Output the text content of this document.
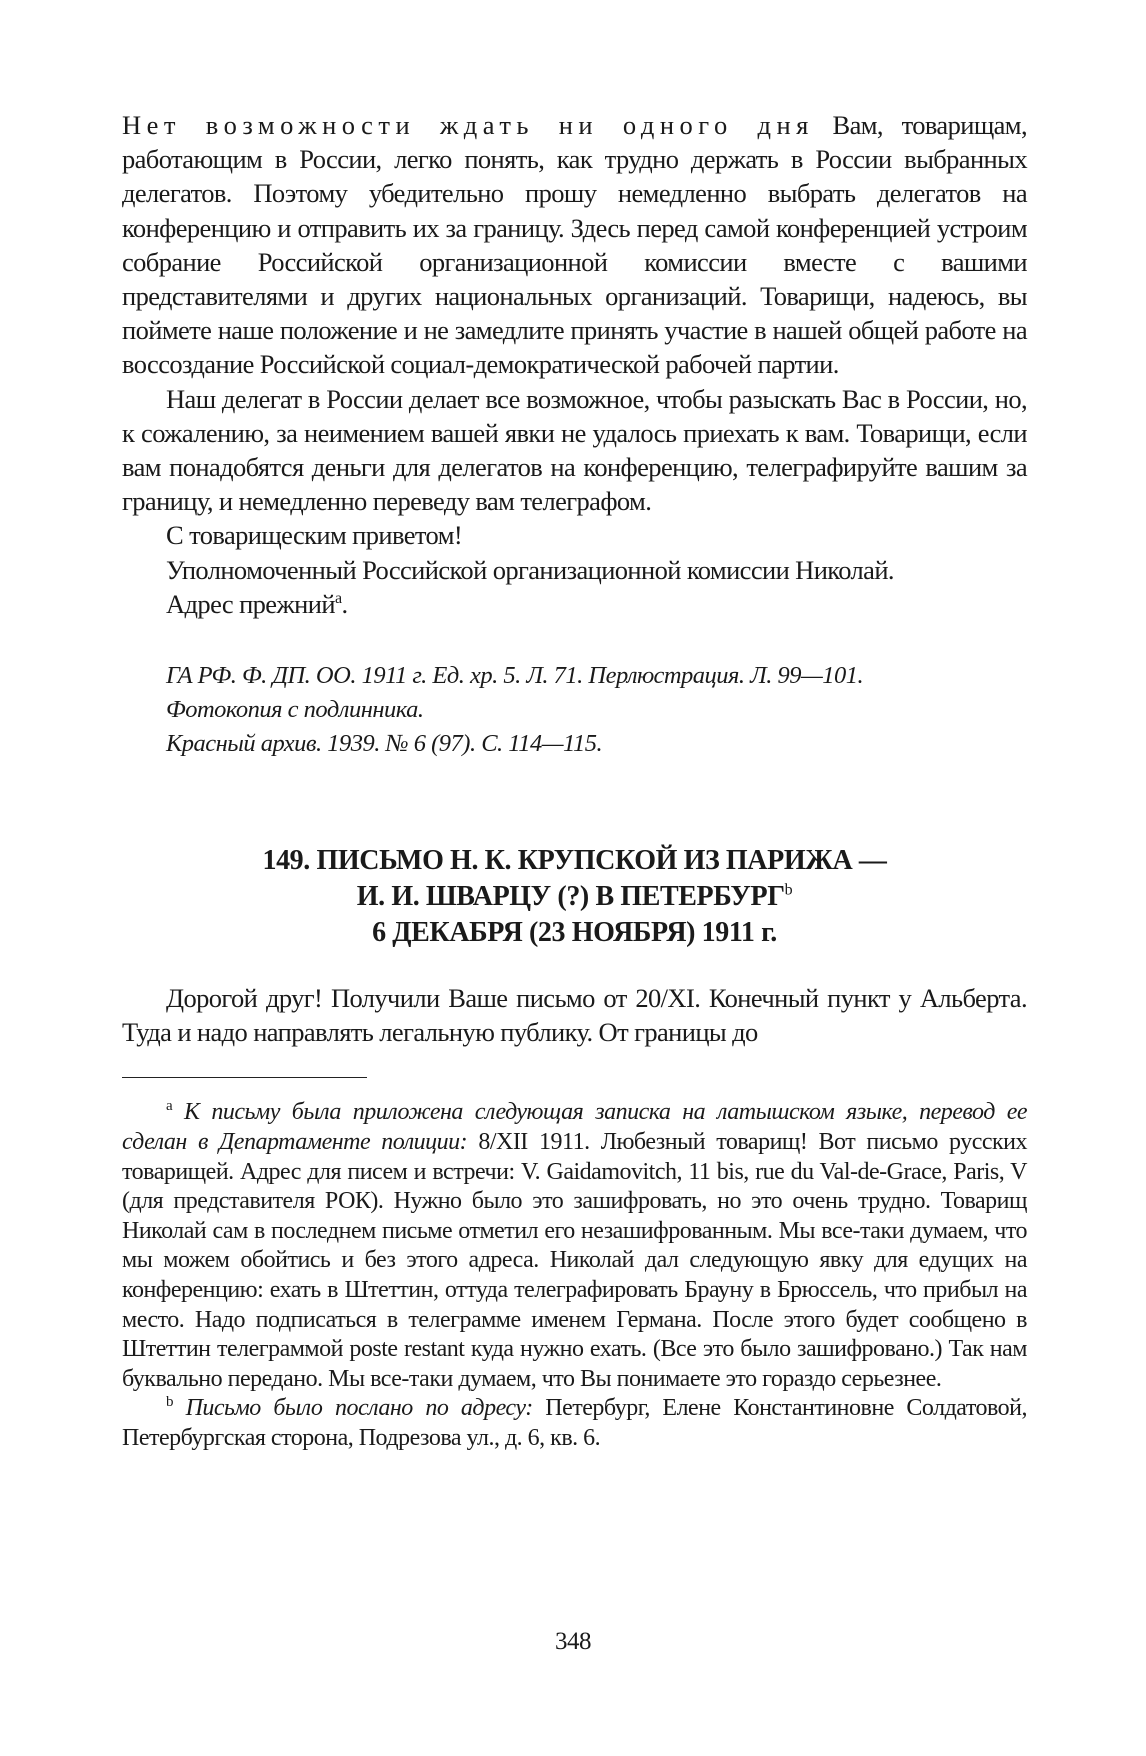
Нет возможности ждать ни одного дня Вам, товарищам, работающим в России, легко понять, как трудно держать в России выбранных делегатов. Поэтому убедительно прошу немедленно выбрать делегатов на конференцию и отправить их за границу. Здесь перед самой конференцией устроим собрание Российской организационной комиссии вместе с вашими представителями и других национальных организаций. Товарищи, надеюсь, вы поймете наше положение и не замедлите принять участие в нашей общей работе на воссоздание Российской социал-демократической рабочей партии.

Наш делегат в России делает все возможное, чтобы разыскать Вас в России, но, к сожалению, за неимением вашей явки не удалось приехать к вам. Товарищи, если вам понадобятся деньги для делегатов на конференцию, телеграфируйте вашим за границу, и немедленно переведу вам телеграфом.

С товарищеским приветом!

Уполномоченный Российской организационной комиссии Николай.

Адрес прежний$^a$.

ГА РФ. Ф. ДП. ОО. 1911 г. Ед. хр. 5. Л. 71. Перлюстрация. Л. 99—101.
Фотокопия с подлинника.
Красный архив. 1939. № 6 (97). С. 114—115.
149. ПИСЬМО Н. К. КРУПСКОЙ ИЗ ПАРИЖА —
И. И. ШВАРЦУ (?) В ПЕТЕРБУРГ$^b$
6 ДЕКАБРЯ (23 НОЯБРЯ) 1911 г.

Дорогой друг! Получили Ваше письмо от 20/XI. Конечный пункт у Альберта. Туда и надо направлять легальную публику. От границы до

$^a$ К письму была приложена следующая записка на латышском языке, перевод ее сделан в Департаменте полиции: 8/XII 1911. Любезный товарищ! Вот письмо русских товарищей. Адрес для писем и встречи: V. Gaidamovitch, 11 bis, rue du Val-de-Grace, Paris, V (для представителя РОК). Нужно было это зашифровать, но это очень трудно. Товарищ Николай сам в последнем письме отметил его незашифрованным. Мы все-таки думаем, что мы можем обойтись и без этого адреса. Николай дал следующую явку для едущих на конференцию: ехать в Штеттин, оттуда телеграфировать Брауну в Брюссель, что прибыл на место. Надо подписаться в телеграмме именем Германа. После этого будет сообщено в Штеттин телеграммой poste restant куда нужно ехать. (Все это было зашифровано.) Так нам буквально передано. Мы все-таки думаем, что Вы понимаете это гораздо серьезнее.

$^b$ Письмо было послано по адресу: Петербург, Елене Константиновне Солдатовой, Петербургская сторона, Подрезова ул., д. 6, кв. 6.

348
